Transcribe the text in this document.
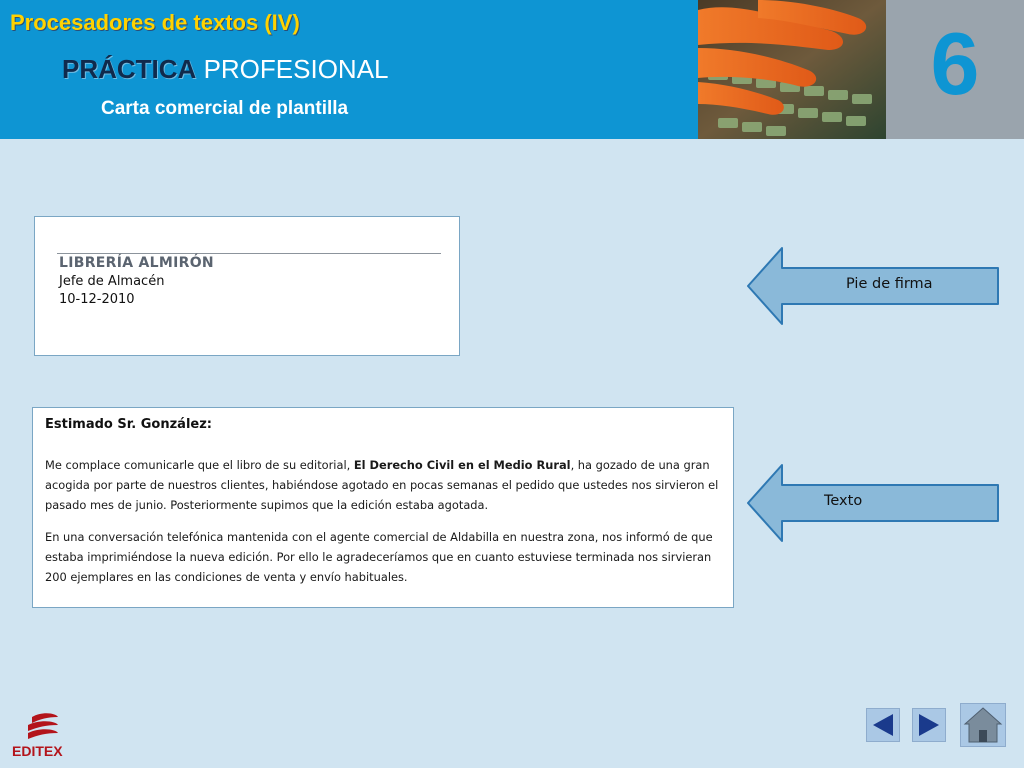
Procesadores de textos (IV)
PRÁCTICA PROFESIONAL
Carta comercial de plantilla	6
LIBRERÍA ALMIRÓN
Jefe de Almacén
10-12-2010
Estimado Sr. González:
Me complace comunicarle que el libro de su editorial, El Derecho Civil en el Medio Rural, ha gozado de una gran acogida por parte de nuestros clientes, habiéndose agotado en pocas semanas el pedido que ustedes nos sirvieron el pasado mes de junio. Posteriormente supimos que la edición estaba agotada.
En una conversación telefónica mantenida con el agente comercial de Aldabilla en nuestra zona, nos informó de que estaba imprimiéndose la nueva edición. Por ello le agradeceríamos que en cuanto estuviese terminada nos sirvieran 200 ejemplares en las condiciones de venta y envío habituales.
Pie de firma
Texto
EDITEX
